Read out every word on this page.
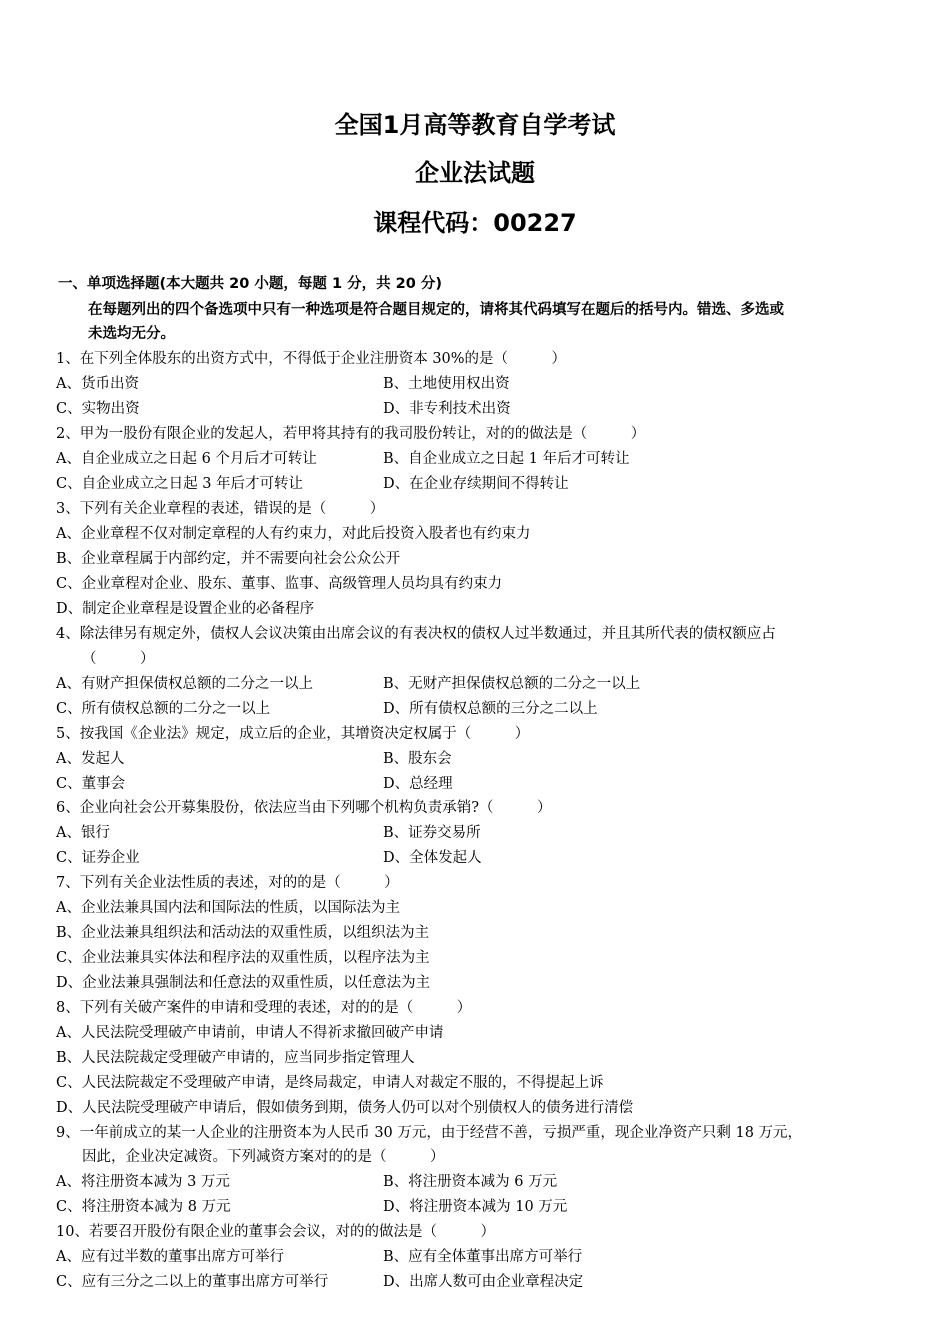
全国1月高等教育自学考试
企业法试题
课程代码：00227
一、单项选择题(本大题共 20 小题，每题 1 分，共 20 分)
在每题列出的四个备选项中只有一种选项是符合题目规定的，请将其代码填写在题后的括号内。错选、多选或
未选均无分。
1、在下列全体股东的出资方式中，不得低于企业注册资本 30%的是（　　　）
A、货币出资	B、土地使用权出资
C、实物出资	D、非专利技术出资
2、甲为一股份有限企业的发起人，若甲将其持有的我司股份转让，对的的做法是（　　　）
A、自企业成立之日起 6 个月后才可转让	B、自企业成立之日起 1 年后才可转让
C、自企业成立之日起 3 年后才可转让	D、在企业存续期间不得转让
3、下列有关企业章程的表述，错误的是（　　　）
A、企业章程不仅对制定章程的人有约束力，对此后投资入股者也有约束力
B、企业章程属于内部约定，并不需要向社会公众公开
C、企业章程对企业、股东、董事、监事、高级管理人员均具有约束力
D、制定企业章程是设置企业的必备程序
4、除法律另有规定外，债权人会议决策由出席会议的有表决权的债权人过半数通过，并且其所代表的债权额应占
（　　　）
A、有财产担保债权总额的二分之一以上	B、无财产担保债权总额的二分之一以上
C、所有债权总额的二分之一以上	D、所有债权总额的三分之二以上
5、按我国《企业法》规定，成立后的企业，其增资决定权属于（　　　）
A、发起人	B、股东会
C、董事会	D、总经理
6、企业向社会公开募集股份，依法应当由下列哪个机构负责承销?（　　　）
A、银行	B、证券交易所
C、证券企业	D、全体发起人
7、下列有关企业法性质的表述，对的的是（　　　）
A、企业法兼具国内法和国际法的性质，以国际法为主
B、企业法兼具组织法和活动法的双重性质，以组织法为主
C、企业法兼具实体法和程序法的双重性质，以程序法为主
D、企业法兼具强制法和任意法的双重性质，以任意法为主
8、下列有关破产案件的申请和受理的表述，对的的是（　　　）
A、人民法院受理破产申请前，申请人不得祈求撤回破产申请
B、人民法院裁定受理破产申请的，应当同步指定管理人
C、人民法院裁定不受理破产申请，是终局裁定，申请人对裁定不服的，不得提起上诉
D、人民法院受理破产申请后，假如债务到期，债务人仍可以对个别债权人的债务进行清偿
9、一年前成立的某一人企业的注册资本为人民币 30 万元，由于经营不善，亏损严重，现企业净资产只剩 18 万元，
因此，企业决定减资。下列减资方案对的的是（　　　）
A、将注册资本减为 3 万元	B、将注册资本减为 6 万元
C、将注册资本减为 8 万元	D、将注册资本减为 10 万元
10、若要召开股份有限企业的董事会会议，对的的做法是（　　　）
A、应有过半数的董事出席方可举行	B、应有全体董事出席方可举行
C、应有三分之二以上的董事出席方可举行	D、出席人数可由企业章程决定
